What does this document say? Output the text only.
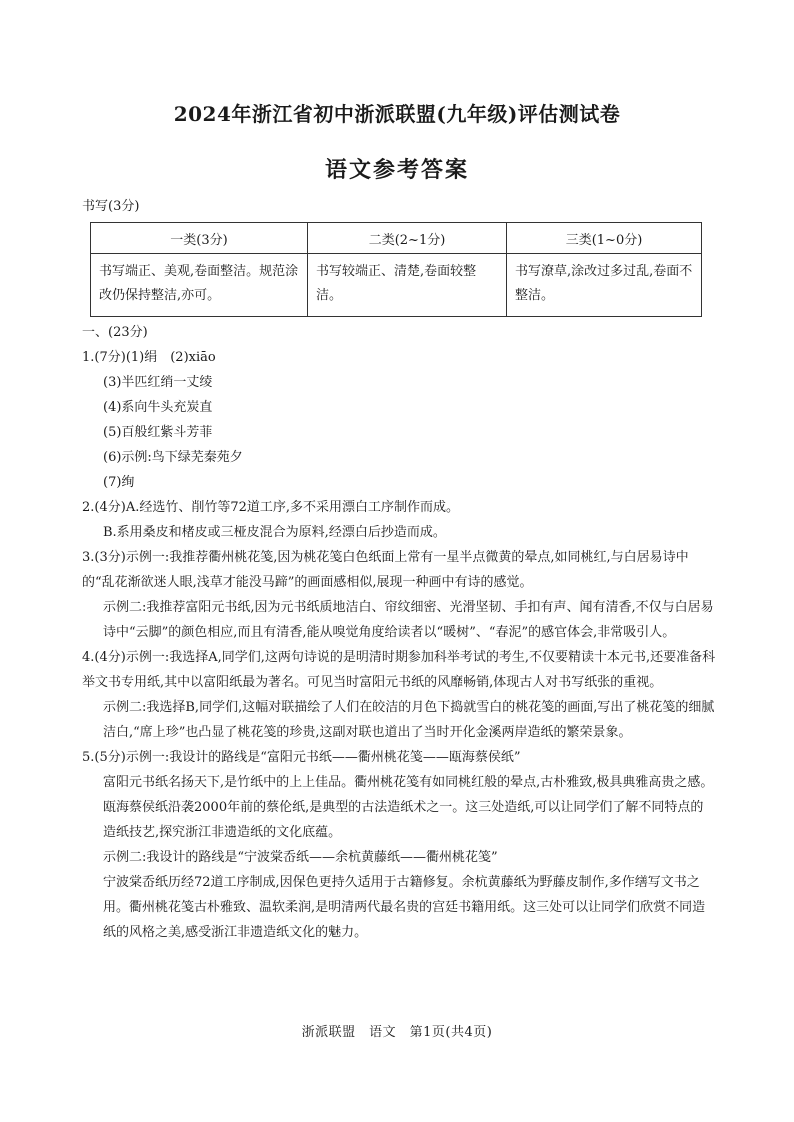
2024年浙江省初中浙派联盟(九年级)评估测试卷
语文参考答案
书写(3分)
一类(3分)	二类(2~1分)	三类(1~0分)
书写端正、美观,卷面整洁。规范涂改仍保持整洁,亦可。	书写较端正、清楚,卷面较整洁。	书写潦草,涂改过多过乱,卷面不整洁。

一、(23分)

1.(7分)(1)绢　(2)xiāo

(3)半匹红绡一丈绫

(4)系向牛头充炭直

(5)百般红紫斗芳菲

(6)示例:鸟下绿芜秦苑夕

(7)绚

2.(4分)A.经选竹、削竹等72道工序,多不采用漂白工序制作而成。

B.系用桑皮和楮皮或三桠皮混合为原料,经漂白后抄造而成。

3.(3分)示例一:我推荐衢州桃花笺,因为桃花笺白色纸面上常有一星半点微黄的晕点,如同桃红,与白居易诗中的“乱花渐欲迷人眼,浅草才能没马蹄”的画面感相似,展现一种画中有诗的感觉。

示例二:我推荐富阳元书纸,因为元书纸质地洁白、帘纹细密、光滑坚韧、手扣有声、闻有清香,不仅与白居易诗中“云脚”的颜色相应,而且有清香,能从嗅觉角度给读者以“暖树”、“春泥”的感官体会,非常吸引人。

4.(4分)示例一:我选择A,同学们,这两句诗说的是明清时期参加科举考试的考生,不仅要精读十本元书,还要准备科举文书专用纸,其中以富阳纸最为著名。可见当时富阳元书纸的风靡畅销,体现古人对书写纸张的重视。

示例二:我选择B,同学们,这幅对联描绘了人们在皎洁的月色下捣就雪白的桃花笺的画面,写出了桃花笺的细腻洁白,“席上珍”也凸显了桃花笺的珍贵,这副对联也道出了当时开化金溪两岸造纸的繁荣景象。

5.(5分)示例一:我设计的路线是“富阳元书纸——衢州桃花笺——瓯海蔡侯纸”

富阳元书纸名扬天下,是竹纸中的上上佳品。衢州桃花笺有如同桃红般的晕点,古朴雅致,极具典雅高贵之感。瓯海蔡侯纸沿袭2000年前的蔡伦纸,是典型的古法造纸术之一。这三处造纸,可以让同学们了解不同特点的造纸技艺,探究浙江非遗造纸的文化底蕴。

示例二:我设计的路线是“宁波棠岙纸——余杭黄藤纸——衢州桃花笺”

宁波棠岙纸历经72道工序制成,因保色更持久适用于古籍修复。余杭黄藤纸为野藤皮制作,多作缮写文书之用。衢州桃花笺古朴雅致、温软柔润,是明清两代最名贵的宫廷书籍用纸。这三处可以让同学们欣赏不同造纸的风格之美,感受浙江非遗造纸文化的魅力。

浙派联盟　语文　第1页(共4页)
